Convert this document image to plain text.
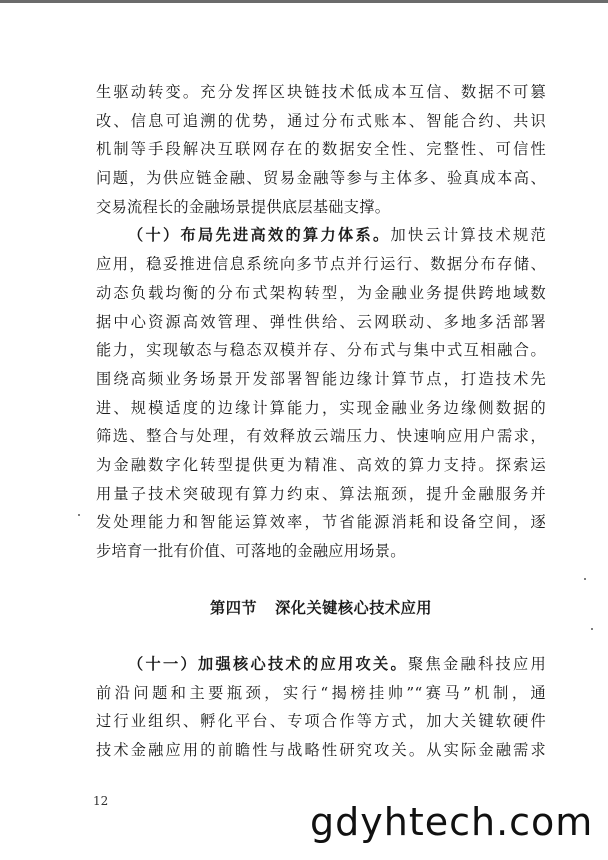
生驱动转变。充分发挥区块链技术低成本互信、数据不可篡
改、信息可追溯的优势，通过分布式账本、智能合约、共识
机制等手段解决互联网存在的数据安全性、完整性、可信性
问题，为供应链金融、贸易金融等参与主体多、验真成本高、
交易流程长的金融场景提供底层基础支撑。
（十）布局先进高效的算力体系。加快云计算技术规范
应用，稳妥推进信息系统向多节点并行运行、数据分布存储、
动态负载均衡的分布式架构转型，为金融业务提供跨地域数
据中心资源高效管理、弹性供给、云网联动、多地多活部署
能力，实现敏态与稳态双模并存、分布式与集中式互相融合。
围绕高频业务场景开发部署智能边缘计算节点，打造技术先
进、规模适度的边缘计算能力，实现金融业务边缘侧数据的
筛选、整合与处理，有效释放云端压力、快速响应用户需求，
为金融数字化转型提供更为精准、高效的算力支持。探索运
用量子技术突破现有算力约束、算法瓶颈，提升金融服务并
发处理能力和智能运算效率，节省能源消耗和设备空间，逐
步培育一批有价值、可落地的金融应用场景。
第四节 深化关键核心技术应用
（十一）加强核心技术的应用攻关。聚焦金融科技应用
前沿问题和主要瓶颈，实行“揭榜挂帅”“赛马”机制，通
过行业组织、孵化平台、专项合作等方式，加大关键软硬件
技术金融应用的前瞻性与战略性研究攻关。从实际金融需求
12	gdyhtech.com
